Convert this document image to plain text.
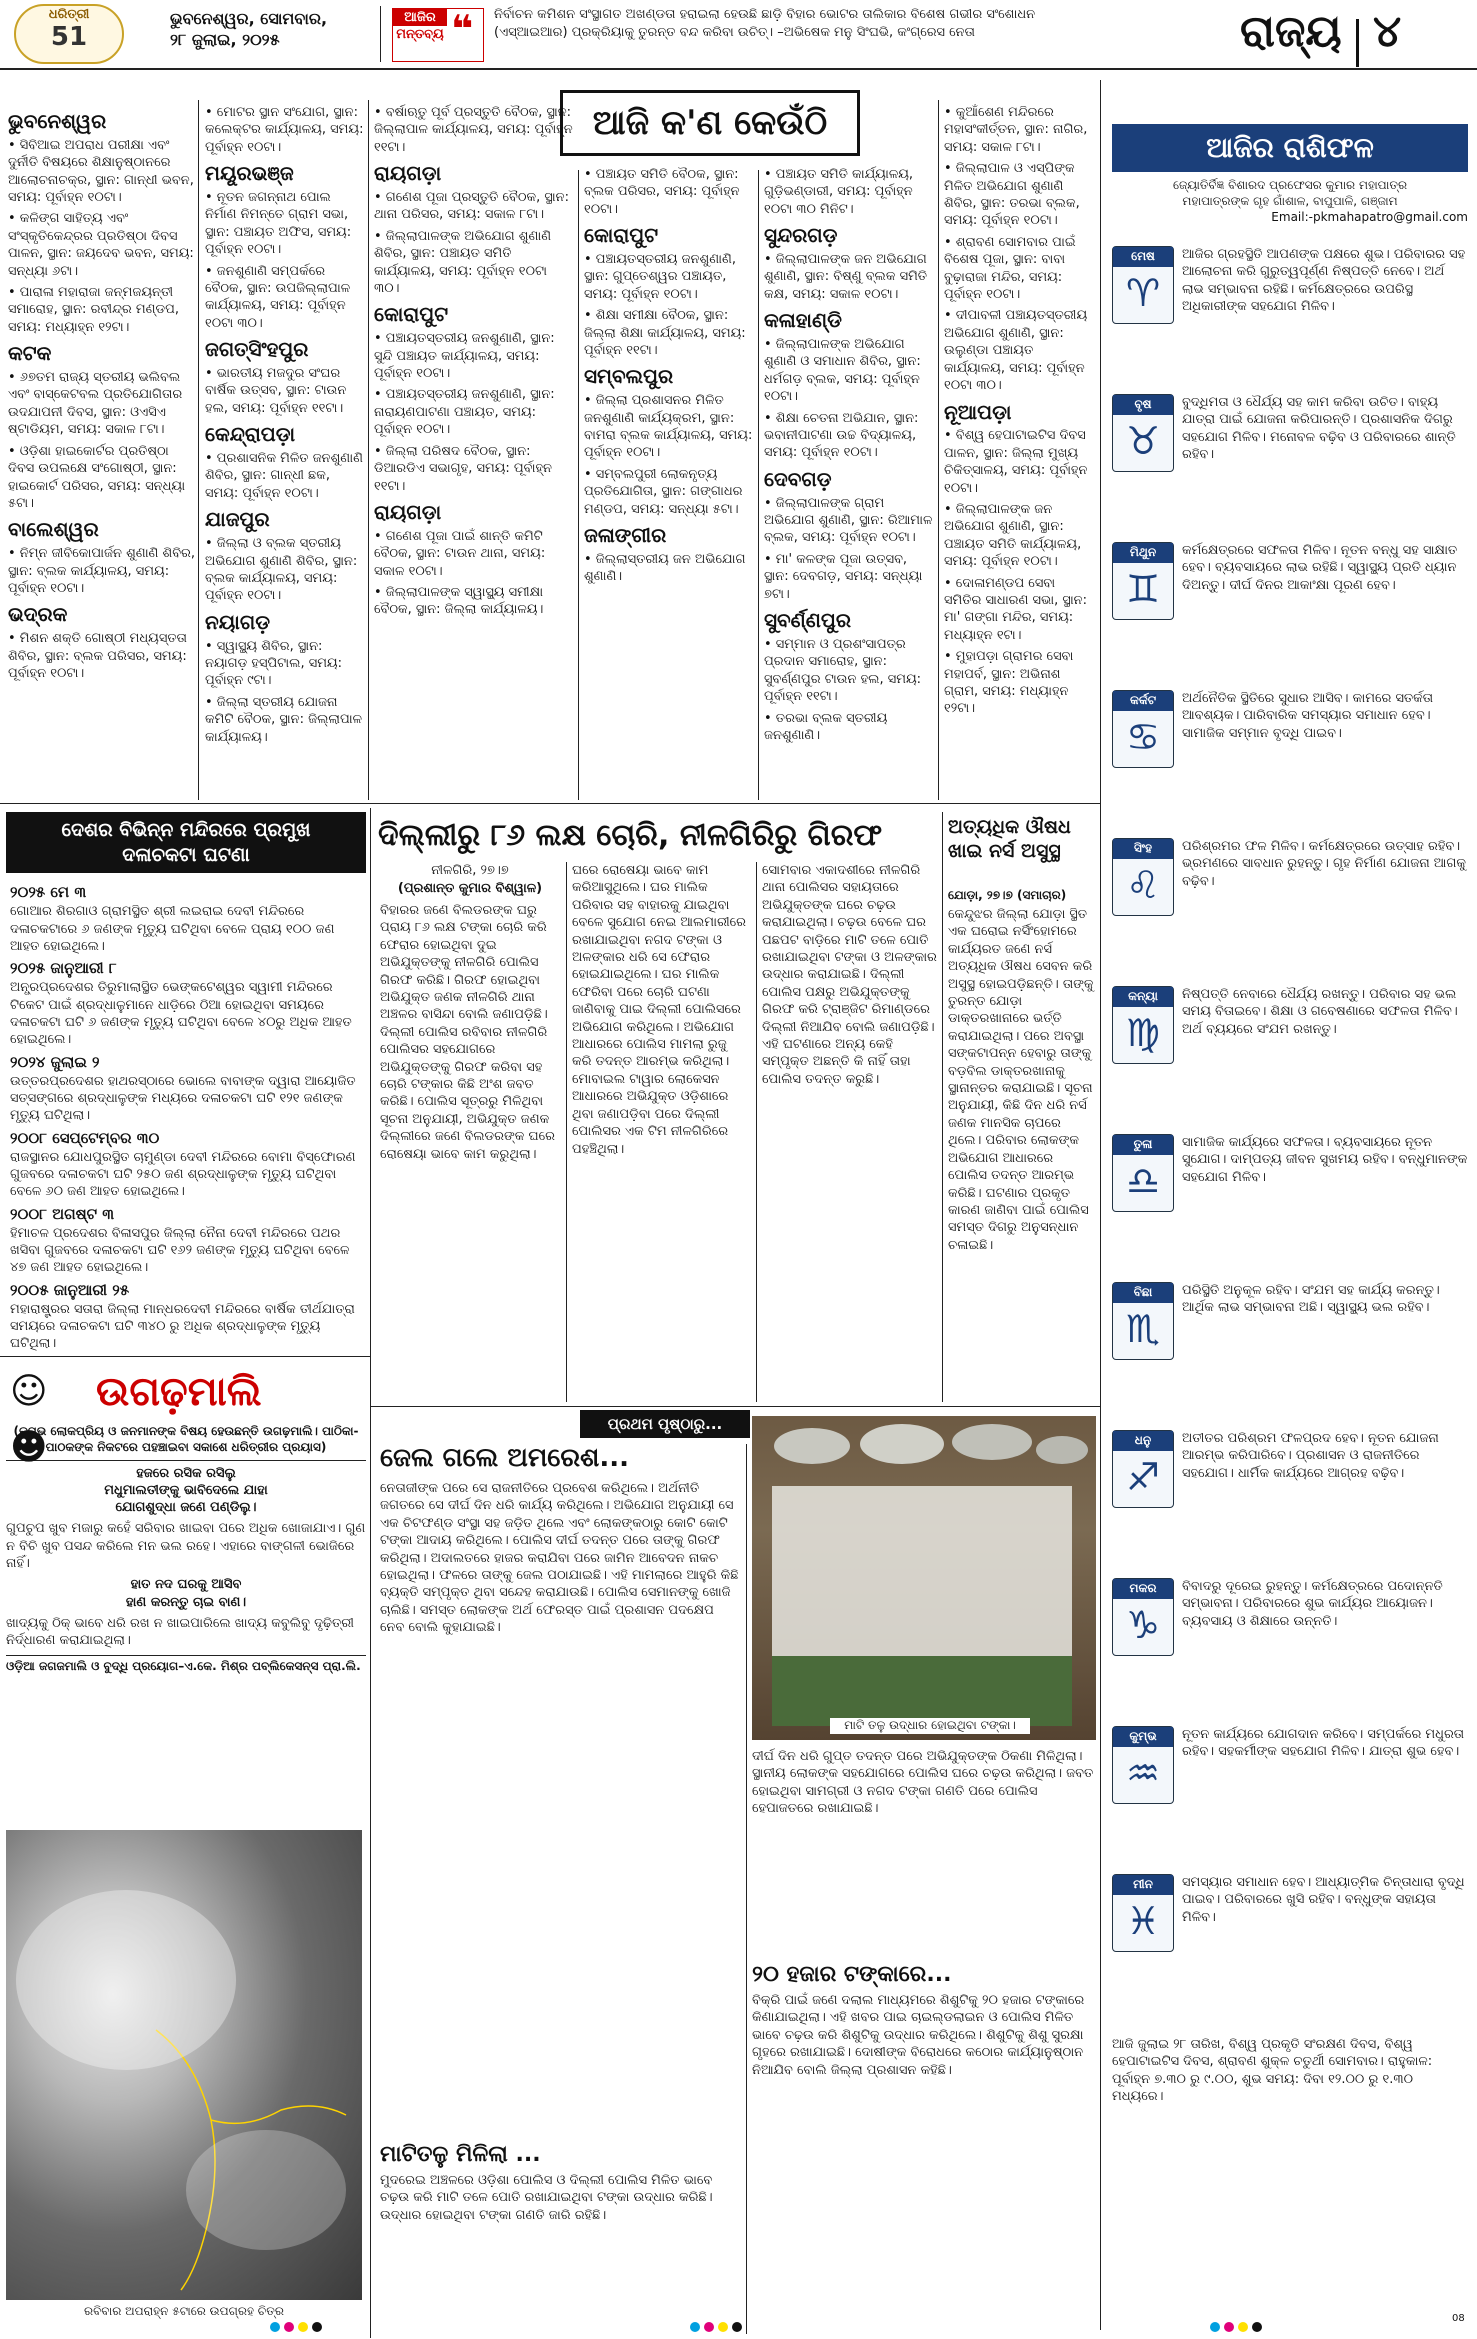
ଧରିତ୍ରୀ
51
ଭୁବନେଶ୍ୱର, ସୋମବାର,
୨୮ ଜୁଲାଇ, ୨୦୨୫
ଆଜିର
ମନ୍ତବ୍ୟ ❝ ନିର୍ବାଚନ କମିଶନ ସଂସ୍ଥାଗତ ଅଖଣ୍ଡତା ହରାଇଲା ହେଉଛି ଛାଡ଼ି ବିହାର ଭୋଟର ତାଲିକାର ବିଶେଷ ଗଭୀର ସଂଶୋଧନ (ଏସ୍‌ଆଇଆର) ପ୍ରକ୍ରିୟାକୁ ତୁରନ୍ତ ବନ୍ଦ କରିବା ଉଚିତ୍। –ଅଭିଷେକ ମନୁ ସିଂଘଭି, କଂଗ୍ରେସ ନେତା	ରାଜ୍ୟ ୪
ଆଜି କ'ଣ କେଉଁଠି
ଭୁବନେଶ୍ୱର
• ସିବିଆଇ ଅପରାଧ ପରୀକ୍ଷା ଏବଂ ଦୁର୍ନୀତି ବିଷୟରେ ଶିକ୍ଷାନୁଷ୍ଠାନରେ ଆଲୋଚନାଚକ୍ର, ସ୍ଥାନ: ଗାନ୍ଧୀ ଭବନ, ସମୟ: ପୂର୍ବାହ୍ନ ୧୦ଟା।
• କଳିଙ୍ଗ ସାହିତ୍ୟ ଏବଂ ସଂସ୍କୃତିକେନ୍ଦ୍ରର ପ୍ରତିଷ୍ଠା ଦିବସ ପାଳନ, ସ୍ଥାନ: ଜୟଦେବ ଭବନ, ସମୟ: ସନ୍ଧ୍ୟା ୬ଟା।
• ପାରାଳା ମହାରାଜା ଜନ୍ମଜୟନ୍ତୀ ସମାରୋହ, ସ୍ଥାନ: ରବୀନ୍ଦ୍ର ମଣ୍ଡପ, ସମୟ: ମଧ୍ୟାହ୍ନ ୧୨ଟା।
କଟକ
• ୬୭ତମ ରାଜ୍ୟ ସ୍ତରୀୟ ଭଲିବଲ ଏବଂ ବାସ୍କେଟବଲ ପ୍ରତିଯୋଗିତାର ଉଦଯାପନୀ ଦିବସ, ସ୍ଥାନ: ଓଏସିଏ ଷ୍ଟାଡିୟମ, ସମୟ: ସକାଳ ୮ଟା।
• ଓଡ଼ିଶା ହାଇକୋର୍ଟର ପ୍ରତିଷ୍ଠା ଦିବସ ଉପଲକ୍ଷେ ସଂଗୋଷ୍ଠୀ, ସ୍ଥାନ: ହାଇକୋର୍ଟ ପରିସର, ସମୟ: ସନ୍ଧ୍ୟା ୫ଟା।
ବାଲେଶ୍ୱର
• ନିମ୍ନ ଜୀବିକୋପାର୍ଜନ ଶୁଣାଣି ଶିବିର, ସ୍ଥାନ: ବ୍ଲକ କାର୍ଯ୍ୟାଳୟ, ସମୟ: ପୂର୍ବାହ୍ନ ୧୦ଟା।
ଭଦ୍ରକ
• ମିଶନ ଶକ୍ତି ଗୋଷ୍ଠୀ ମଧ୍ୟସ୍ତତା ଶିବିର, ସ୍ଥାନ: ବ୍ଲକ ପରିସର, ସମୟ: ପୂର୍ବାହ୍ନ ୧୦ଟା।
• ମୋଟର ସ୍ଥାନ ସଂଯୋଗ, ସ୍ଥାନ: କଲେକ୍ଟର କାର୍ଯ୍ୟାଳୟ, ସମୟ: ପୂର୍ବାହ୍ନ ୧୦ଟା।
ମୟୂରଭଞ୍ଜ
• ନୂତନ ଜଗନ୍ନାଥ ପୋଲ ନିର୍ମାଣ ନିମନ୍ତେ ଗ୍ରାମ ସଭା, ସ୍ଥାନ: ପଞ୍ଚାୟତ ଅଫିସ, ସମୟ: ପୂର୍ବାହ୍ନ ୧୦ଟା।
• ଜନଶୁଣାଣି ସମ୍ପର୍କରେ ବୈଠକ, ସ୍ଥାନ: ଉପଜିଲ୍ଲାପାଳ କାର୍ଯ୍ୟାଳୟ, ସମୟ: ପୂର୍ବାହ୍ନ ୧୦ଟା ୩୦।
ଜଗତ୍‌ସିଂହପୁର
• ଭାରତୀୟ ମଜଦୁର ସଂଘର ବାର୍ଷିକ ଉତ୍ସବ, ସ୍ଥାନ: ଟାଉନ ହଲ, ସମୟ: ପୂର୍ବାହ୍ନ ୧୧ଟା।
କେନ୍ଦ୍ରାପଡ଼ା
• ପ୍ରଶାସନିକ ମିଳିତ ଜନଶୁଣାଣି ଶିବିର, ସ୍ଥାନ: ଗାନ୍ଧୀ ଛକ, ସମୟ: ପୂର୍ବାହ୍ନ ୧୦ଟା।
ଯାଜପୁର
• ଜିଲ୍ଲା ଓ ବ୍ଲକ ସ୍ତରୀୟ ଅଭିଯୋଗ ଶୁଣାଣି ଶିବିର, ସ୍ଥାନ: ବ୍ଲକ କାର୍ଯ୍ୟାଳୟ, ସମୟ: ପୂର୍ବାହ୍ନ ୧୦ଟା।
ନୟାଗଡ଼
• ସ୍ୱାସ୍ଥ୍ୟ ଶିବିର, ସ୍ଥାନ: ନୟାଗଡ଼ ହସ୍ପିଟାଲ, ସମୟ: ପୂର୍ବାହ୍ନ ୯ଟା।
• ଜିଲ୍ଲା ସ୍ତରୀୟ ଯୋଜନା କମିଟି ବୈଠକ, ସ୍ଥାନ: ଜିଲ୍ଲାପାଳ କାର୍ଯ୍ୟାଳୟ।
• ବର୍ଷାଋତୁ ପୂର୍ବ ପ୍ରସ୍ତୁତି ବୈଠକ, ସ୍ଥାନ: ଜିଲ୍ଲାପାଳ କାର୍ଯ୍ୟାଳୟ, ସମୟ: ପୂର୍ବାହ୍ନ ୧୧ଟା।
ରାୟଗଡ଼ା
• ଗଣେଶ ପୂଜା ପ୍ରସ୍ତୁତି ବୈଠକ, ସ୍ଥାନ: ଥାନା ପରିସର, ସମୟ: ସକାଳ ୮ଟା।
• ଜିଲ୍ଲାପାଳଙ୍କ ଅଭିଯୋଗ ଶୁଣାଣି ଶିବିର, ସ୍ଥାନ: ପଞ୍ଚାୟତ ସମିତି କାର୍ଯ୍ୟାଳୟ, ସମୟ: ପୂର୍ବାହ୍ନ ୧୦ଟା ୩୦।
କୋରାପୁଟ
• ପଞ୍ଚାୟତସ୍ତରୀୟ ଜନଶୁଣାଣି, ସ୍ଥାନ: ସୁନ୍ଦି ପଞ୍ଚାୟତ କାର୍ଯ୍ୟାଳୟ, ସମୟ: ପୂର୍ବାହ୍ନ ୧୦ଟା।
• ପଞ୍ଚାୟତସ୍ତରୀୟ ଜନଶୁଣାଣି, ସ୍ଥାନ: ନାରାୟଣପାଟଣା ପଞ୍ଚାୟତ, ସମୟ: ପୂର୍ବାହ୍ନ ୧୦ଟା।
• ଜିଲ୍ଲା ପରିଷଦ ବୈଠକ, ସ୍ଥାନ: ଡିଆରଡିଏ ସଭାଗୃହ, ସମୟ: ପୂର୍ବାହ୍ନ ୧୧ଟା।
ରାୟଗଡ଼ା
• ଗଣେଶ ପୂଜା ପାଇଁ ଶାନ୍ତି କମିଟି ବୈଠକ, ସ୍ଥାନ: ଟାଉନ ଥାନା, ସମୟ: ସକାଳ ୧୦ଟା।
• ଜିଲ୍ଲାପାଳଙ୍କ ସ୍ୱାସ୍ଥ୍ୟ ସମୀକ୍ଷା ବୈଠକ, ସ୍ଥାନ: ଜିଲ୍ଲା କାର୍ଯ୍ୟାଳୟ।
• ପଞ୍ଚାୟତ ସମିତି ବୈଠକ, ସ୍ଥାନ: ବ୍ଲକ ପରିସର, ସମୟ: ପୂର୍ବାହ୍ନ ୧୦ଟା।
କୋରାପୁଟ
• ପଞ୍ଚାୟତସ୍ତରୀୟ ଜନଶୁଣାଣି, ସ୍ଥାନ: ଗୁପ୍ତେଶ୍ୱର ପଞ୍ଚାୟତ, ସମୟ: ପୂର୍ବାହ୍ନ ୧୦ଟା।
• ଶିକ୍ଷା ସମୀକ୍ଷା ବୈଠକ, ସ୍ଥାନ: ଜିଲ୍ଲା ଶିକ୍ଷା କାର୍ଯ୍ୟାଳୟ, ସମୟ: ପୂର୍ବାହ୍ନ ୧୧ଟା।
ସମ୍ବଲପୁର
• ଜିଲ୍ଲା ପ୍ରଶାସନର ମିଳିତ ଜନଶୁଣାଣି କାର୍ଯ୍ୟକ୍ରମ, ସ୍ଥାନ: ବାମରା ବ୍ଲକ କାର୍ଯ୍ୟାଳୟ, ସମୟ: ପୂର୍ବାହ୍ନ ୧୦ଟା।
• ସମ୍ବଲପୁରୀ ଲୋକନୃତ୍ୟ ପ୍ରତିଯୋଗିତା, ସ୍ଥାନ: ଗଙ୍ଗାଧର ମଣ୍ଡପ, ସମୟ: ସନ୍ଧ୍ୟା ୫ଟା।
ଜଳାଙ୍ଗୀର
• ଜିଲ୍ଲାସ୍ତରୀୟ ଜନ ଅଭିଯୋଗ ଶୁଣାଣି।
• ପଞ୍ଚାୟତ ସମିତି କାର୍ଯ୍ୟାଳୟ, ଗୁଡ଼ିଭଣ୍ଡାରୀ, ସମୟ: ପୂର୍ବାହ୍ନ ୧୦ଟା ୩୦ ମିନିଟ।
ସୁନ୍ଦରଗଡ଼
• ଜିଲ୍ଲାପାଳଙ୍କ ଜନ ଅଭିଯୋଗ ଶୁଣାଣି, ସ୍ଥାନ: ବିଷ୍ଣୁ ବ୍ଲକ ସମିତି କକ୍ଷ, ସମୟ: ସକାଳ ୧୦ଟା।
କଳାହାଣ୍ଡି
• ଜିଲ୍ଲାପାଳଙ୍କ ଅଭିଯୋଗ ଶୁଣାଣି ଓ ସମାଧାନ ଶିବିର, ସ୍ଥାନ: ଧର୍ମଗଡ଼ ବ୍ଲକ, ସମୟ: ପୂର୍ବାହ୍ନ ୧୦ଟା।
• ଶିକ୍ଷା ଚେତନା ଅଭିଯାନ, ସ୍ଥାନ: ଭବାନୀପାଟଣା ଉଚ୍ଚ ବିଦ୍ୟାଳୟ, ସମୟ: ପୂର୍ବାହ୍ନ ୧୦ଟା।
ଦେବଗଡ଼
• ଜିଲ୍ଲାପାଳଙ୍କ ଗ୍ରାମ ଅଭିଯୋଗ ଶୁଣାଣି, ସ୍ଥାନ: ରିଆମାଳ ବ୍ଲକ, ସମୟ: ପୂର୍ବାହ୍ନ ୧୦ଟା।
• ମା' କଳଙ୍କ ପୂଜା ଉତ୍ସବ, ସ୍ଥାନ: ଦେବଗଡ଼, ସମୟ: ସନ୍ଧ୍ୟା ୭ଟା।
ସୁବର୍ଣ୍ଣପୁର
• ସମ୍ମାନ ଓ ପ୍ରଶଂସାପତ୍ର ପ୍ରଦାନ ସମାରୋହ, ସ୍ଥାନ: ସୁବର୍ଣ୍ଣପୁର ଟାଉନ ହଲ, ସମୟ: ପୂର୍ବାହ୍ନ ୧୧ଟା।
• ତରଭା ବ୍ଲକ ସ୍ତରୀୟ ଜନଶୁଣାଣି।
• କୁଆଁଶେଣ ମନ୍ଦିରରେ ମହାସଂକୀର୍ତ୍ତନ, ସ୍ଥାନ: ନାଗିର, ସମୟ: ସକାଳ ୮ଟା।
• ଜିଲ୍ଲାପାଳ ଓ ଏସ୍‌ପିଙ୍କ ମିଳିତ ଅଭିଯୋଗ ଶୁଣାଣି ଶିବିର, ସ୍ଥାନ: ତରଭା ବ୍ଲକ, ସମୟ: ପୂର୍ବାହ୍ନ ୧୦ଟା।
• ଶ୍ରାବଣ ସୋମବାର ପାଇଁ ବିଶେଷ ପୂଜା, ସ୍ଥାନ: ବାବା ବୁଢ଼ାରାଜା ମନ୍ଦିର, ସମୟ: ପୂର୍ବାହ୍ନ ୧୦ଟା।
• ଦୀପାବଳୀ ପଞ୍ଚାୟତସ୍ତରୀୟ ଅଭିଯୋଗ ଶୁଣାଣି, ସ୍ଥାନ: ଉଲୁଣ୍ଡା ପଞ୍ଚାୟତ କାର୍ଯ୍ୟାଳୟ, ସମୟ: ପୂର୍ବାହ୍ନ ୧୦ଟା ୩୦।
ନୂଆପଡ଼ା
• ବିଶ୍ୱ ହେପାଟାଇଟିସ ଦିବସ ପାଳନ, ସ୍ଥାନ: ଜିଲ୍ଲା ମୁଖ୍ୟ ଚିକିତ୍ସାଳୟ, ସମୟ: ପୂର୍ବାହ୍ନ ୧୦ଟା।
• ଜିଲ୍ଲାପାଳଙ୍କ ଜନ ଅଭିଯୋଗ ଶୁଣାଣି, ସ୍ଥାନ: ପଞ୍ଚାୟତ ସମିତି କାର୍ଯ୍ୟାଳୟ, ସମୟ: ପୂର୍ବାହ୍ନ ୧୦ଟା।
• ଦୋଳାମଣ୍ଡପ ସେବା ସମିତିର ସାଧାରଣ ସଭା, ସ୍ଥାନ: ମା' ଗଙ୍ଗା ମନ୍ଦିର, ସମୟ: ମଧ୍ୟାହ୍ନ ୧ଟା।
• ମୁହାପଡ଼ା ଗ୍ରାମର ସେବା ମହାପର୍ବ, ସ୍ଥାନ: ଅଭିନାଶ ଗ୍ରାମ, ସମୟ: ମଧ୍ୟାହ୍ନ ୧୨ଟା।
ଆଜିର ରାଶିଫଳ
ଜ୍ୟୋତିର୍ବିଜ୍ଞ ବିଶାରଦ ପ୍ରଫେସର କୁମାର ମହାପାତ୍ର
ମହାପାତ୍ରଙ୍କ ଗୃହ ଗାଁଶାଳ, ବାପୁପାଳି, ଗଞ୍ଜାମ
Email:-pkmahapatro@gmail.com
ମେଷ
♈
ଆଜିର ଗ୍ରହସ୍ଥିତି ଆପଣଙ୍କ ପକ୍ଷରେ ଶୁଭ। ପରିବାରର ସହ ଆଲୋଚନା କରି ଗୁରୁତ୍ୱପୂର୍ଣ୍ଣ ନିଷ୍ପତ୍ତି ନେବେ। ଅର୍ଥ ଲାଭ ସମ୍ଭାବନା ରହିଛି। କର୍ମକ୍ଷେତ୍ରରେ ଉପରିସ୍ଥ ଅଧିକାରୀଙ୍କ ସହଯୋଗ ମିଳିବ।
ବୃଷ
♉
ବୁଦ୍ଧିମତା ଓ ଧୈର୍ଯ୍ୟ ସହ କାମ କରିବା ଉଚିତ। ବାହ୍ୟ ଯାତ୍ରା ପାଇଁ ଯୋଜନା କରିପାରନ୍ତି। ପ୍ରଶାସନିକ ଦିଗରୁ ସହଯୋଗ ମିଳିବ। ମନୋବଳ ବଢ଼ିବ ଓ ପରିବାରରେ ଶାନ୍ତି ରହିବ।
ମିଥୁନ
♊
କର୍ମକ୍ଷେତ୍ରରେ ସଫଳତା ମିଳିବ। ନୂତନ ବନ୍ଧୁ ସହ ସାକ୍ଷାତ ହେବ। ବ୍ୟବସାୟରେ ଲାଭ ରହିଛି। ସ୍ୱାସ୍ଥ୍ୟ ପ୍ରତି ଧ୍ୟାନ ଦିଅନ୍ତୁ। ଦୀର୍ଘ ଦିନର ଆକାଂକ୍ଷା ପୂରଣ ହେବ।
କର୍କଟ
♋
ଅର୍ଥନୈତିକ ସ୍ଥିତିରେ ସୁଧାର ଆସିବ। କାମରେ ସତର୍କତା ଆବଶ୍ୟକ। ପାରିବାରିକ ସମସ୍ୟାର ସମାଧାନ ହେବ। ସାମାଜିକ ସମ୍ମାନ ବୃଦ୍ଧି ପାଇବ।
ସିଂହ
♌
ପରିଶ୍ରମର ଫଳ ମିଳିବ। କର୍ମକ୍ଷେତ୍ରରେ ଉତ୍ସାହ ରହିବ। ଭ୍ରମଣରେ ସାବଧାନ ରୁହନ୍ତୁ। ଗୃହ ନିର୍ମାଣ ଯୋଜନା ଆଗକୁ ବଢ଼ିବ।
କନ୍ୟା
♍
ନିଷ୍ପତ୍ତି ନେବାରେ ଧୈର୍ଯ୍ୟ ରଖନ୍ତୁ। ପରିବାର ସହ ଭଲ ସମୟ ବିତାଇବେ। ଶିକ୍ଷା ଓ ଗବେଷଣାରେ ସଫଳତା ମିଳିବ। ଅର୍ଥ ବ୍ୟୟରେ ସଂଯମ ରଖନ୍ତୁ।
ତୁଳା
♎
ସାମାଜିକ କାର୍ଯ୍ୟରେ ସଫଳତା। ବ୍ୟବସାୟରେ ନୂତନ ସୁଯୋଗ। ଦାମ୍ପତ୍ୟ ଜୀବନ ସୁଖମୟ ରହିବ। ବନ୍ଧୁମାନଙ୍କ ସହଯୋଗ ମିଳିବ।
ବିଛା
♏
ପରିସ୍ଥିତି ଅନୁକୂଳ ରହିବ। ସଂଯମ ସହ କାର୍ଯ୍ୟ କରନ୍ତୁ। ଆର୍ଥିକ ଲାଭ ସମ୍ଭାବନା ଅଛି। ସ୍ୱାସ୍ଥ୍ୟ ଭଲ ରହିବ।
ଧନୁ
♐
ଅତୀତର ପରିଶ୍ରମ ଫଳପ୍ରଦ ହେବ। ନୂତନ ଯୋଜନା ଆରମ୍ଭ କରିପାରିବେ। ପ୍ରଶାସନ ଓ ରାଜନୀତିରେ ସହଯୋଗ। ଧାର୍ମିକ କାର୍ଯ୍ୟରେ ଆଗ୍ରହ ବଢ଼ିବ।
ମକର
♑
ବିବାଦରୁ ଦୂରେଇ ରୁହନ୍ତୁ। କର୍ମକ୍ଷେତ୍ରରେ ପଦୋନ୍ନତି ସମ୍ଭାବନା। ପରିବାରରେ ଶୁଭ କାର୍ଯ୍ୟର ଆୟୋଜନ। ବ୍ୟବସାୟ ଓ ଶିକ୍ଷାରେ ଉନ୍ନତି।
କୁମ୍ଭ
♒
ନୂତନ କାର୍ଯ୍ୟରେ ଯୋଗଦାନ କରିବେ। ସମ୍ପର୍କରେ ମଧୁରତା ରହିବ। ସହକର୍ମୀଙ୍କ ସହଯୋଗ ମିଳିବ। ଯାତ୍ରା ଶୁଭ ହେବ।
ମୀନ
♓
ସମସ୍ୟାର ସମାଧାନ ହେବ। ଆଧ୍ୟାତ୍ମିକ ଚିନ୍ତାଧାରା ବୃଦ୍ଧି ପାଇବ। ପରିବାରରେ ଖୁସି ରହିବ। ବନ୍ଧୁଙ୍କ ସହାୟତା ମିଳିବ।
ଆଜି ଜୁଲାଇ ୨୮ ତାରିଖ, ବିଶ୍ୱ ପ୍ରକୃତି ସଂରକ୍ଷଣ ଦିବସ, ବିଶ୍ୱ ହେପାଟାଇଟିସ ଦିବସ, ଶ୍ରାବଣ ଶୁକ୍ଳ ଚତୁର୍ଥୀ ସୋମବାର। ରାହୁକାଳ: ପୂର୍ବାହ୍ନ ୭.୩୦ ରୁ ୯.୦୦, ଶୁଭ ସମୟ: ଦିବା ୧୨.୦୦ ରୁ ୧.୩୦ ମଧ୍ୟରେ।
08
ଦେଶର ବିଭିନ୍ନ ମନ୍ଦିରରେ ପ୍ରମୁଖ
ଦଳାଚକଟା ଘଟଣା
୨୦୨୫ ମେ ୩
ଗୋଆର ଶିରଗାଓ ଗ୍ରାମସ୍ଥିତ ଶ୍ରୀ ଲଇରାଇ ଦେବୀ ମନ୍ଦିରରେ ଦଳାଚକଟାରେ ୬ ଜଣଙ୍କ ମୃତ୍ୟୁ ଘଟିଥିବା ବେଳେ ପ୍ରାୟ ୧୦୦ ଜଣ ଆହତ ହୋଇଥିଲେ।
୨୦୨୫ ଜାନୁଆରୀ ୮
ଅନ୍ଧ୍ରପ୍ରଦେଶର ତିରୁମାଲାସ୍ଥିତ ଭେଙ୍କଟେଶ୍ୱର ସ୍ୱାମୀ ମନ୍ଦିରରେ ଟିକେଟ ପାଇଁ ଶ୍ରଦ୍ଧାଳୁମାନେ ଧାଡ଼ିରେ ଠିଆ ହୋଇଥିବା ସମୟରେ ଦଳାଚକଟା ଘଟି ୬ ଜଣଙ୍କ ମୃତ୍ୟୁ ଘଟିଥିବା ବେଳେ ୪୦ରୁ ଅଧିକ ଆହତ ହୋଇଥିଲେ।
୨୦୨୪ ଜୁଲାଇ ୨
ଉତ୍ତରପ୍ରଦେଶର ହାଥରସ୍‌ଠାରେ ଭୋଲେ ବାବାଙ୍କ ଦ୍ୱାରା ଆୟୋଜିତ ସତ୍ସଙ୍ଗରେ ଶ୍ରଦ୍ଧାଳୁଙ୍କ ମଧ୍ୟରେ ଦଳାଚକଟା ଘଟି ୧୨୧ ଜଣଙ୍କ ମୃତ୍ୟୁ ଘଟିଥିଲା।
୨୦୦୮ ସେପ୍ଟେମ୍ବର ୩୦
ରାଜସ୍ଥାନର ଯୋଧପୁରସ୍ଥିତ ଚାମୁଣ୍ଡା ଦେବୀ ମନ୍ଦିରରେ ବୋମା ବିସ୍ଫୋରଣ ଗୁଜବରେ ଦଳାଚକଟା ଘଟି ୨୫୦ ଜଣ ଶ୍ରଦ୍ଧାଳୁଙ୍କ ମୃତ୍ୟୁ ଘଟିଥିବା ବେଳେ ୬୦ ଜଣ ଆହତ ହୋଇଥିଲେ।
୨୦୦୮ ଅଗଷ୍ଟ ୩
ହିମାଚଳ ପ୍ରଦେଶର ବିଳାସପୁର ଜିଲ୍ଲା ନୈନା ଦେବୀ ମନ୍ଦିରରେ ପଥର ଖସିବା ଗୁଜବରେ ଦଳାଚକଟା ଘଟି ୧୬୨ ଜଣଙ୍କ ମୃତ୍ୟୁ ଘଟିଥିବା ବେଳେ ୪୭ ଜଣ ଆହତ ହୋଇଥିଲେ।
୨୦୦୫ ଜାନୁଆରୀ ୨୫
ମହାରାଷ୍ଟ୍ରର ସତାରା ଜିଲ୍ଲା ମାନ୍ଧରଦେବୀ ମନ୍ଦିରରେ ବାର୍ଷିକ ତୀର୍ଥଯାତ୍ରା ସମୟରେ ଦଳାଚକଟା ଘଟି ୩୪୦ ରୁ ଅଧିକ ଶ୍ରଦ୍ଧାଳୁଙ୍କ ମୃତ୍ୟୁ ଘଟିଥିଲା।
ଦିଲ୍ଲୀରୁ ୮୬ ଲକ୍ଷ ଚୋରି, ନୀଳଗିରିରୁ ଗିରଫ
ନୀଳଗିରି, ୨୭।୭
(ପ୍ରଶାନ୍ତ କୁମାର ବିଶ୍ୱାଳ)
ବିହାରର ଜଣେ ବିଲଡରଙ୍କ ଘରୁ ପ୍ରାୟ ୮୬ ଲକ୍ଷ ଟଙ୍କା ଚୋରି କରି ଫେରାର ହୋଇଥିବା ଦୁଇ ଅଭିଯୁକ୍ତଙ୍କୁ ନୀଳଗିରି ପୋଲିସ ଗିରଫ କରିଛି। ଗିରଫ ହୋଇଥିବା ଅଭିଯୁକ୍ତ ଜଣକ ନୀଳଗିରି ଥାନା ଅଞ୍ଚଳର ବାସିନ୍ଦା ବୋଲି ଜଣାପଡ଼ିଛି। ଦିଲ୍ଲୀ ପୋଲିସ ରବିବାର ନୀଳଗିରି ପୋଲିସର ସହଯୋଗରେ ଅଭିଯୁକ୍ତଙ୍କୁ ଗିରଫ କରିବା ସହ ଚୋରି ଟଙ୍କାର କିଛି ଅଂଶ ଜବତ କରିଛି। ପୋଲିସ ସୂତ୍ରରୁ ମିଳିଥିବା ସୂଚନା ଅନୁଯାୟୀ, ଅଭିଯୁକ୍ତ ଜଣକ ଦିଲ୍ଲୀରେ ଜଣେ ବିଲଡରଙ୍କ ଘରେ ରୋଷେୟା ଭାବେ କାମ କରୁଥିଲା।
ଘରେ ରୋଷେୟା ଭାବେ କାମ କରିଆସୁଥିଲେ। ଘର ମାଲିକ ପରିବାର ସହ ବାହାରକୁ ଯାଇଥିବା ବେଳେ ସୁଯୋଗ ନେଇ ଆଲମାରୀରେ ରଖାଯାଇଥିବା ନଗଦ ଟଙ୍କା ଓ ଅଳଙ୍କାର ଧରି ସେ ଫେରାର ହୋଇଯାଇଥିଲେ। ଘର ମାଲିକ ଫେରିବା ପରେ ଚୋରି ଘଟଣା ଜାଣିବାକୁ ପାଇ ଦିଲ୍ଲୀ ପୋଲିସରେ ଅଭିଯୋଗ କରିଥିଲେ। ଅଭିଯୋଗ ଆଧାରରେ ପୋଲିସ ମାମଲା ରୁଜୁ କରି ତଦନ୍ତ ଆରମ୍ଭ କରିଥିଲା। ମୋବାଇଲ ଟାୱାର ଲୋକେସନ ଆଧାରରେ ଅଭିଯୁକ୍ତ ଓଡ଼ିଶାରେ ଥିବା ଜଣାପଡ଼ିବା ପରେ ଦିଲ୍ଲୀ ପୋଲିସର ଏକ ଟିମ ନୀଳଗିରିରେ ପହଞ୍ଚିଥିଲା।
ସୋମବାର ଏକାଦଶୀରେ ନୀଳଗିରି ଥାନା ପୋଲିସର ସହାୟତାରେ ଅଭିଯୁକ୍ତଙ୍କ ଘରେ ଚଢ଼ଉ କରାଯାଇଥିଲା। ଚଢ଼ଉ ବେଳେ ଘର ପଛପଟ ବାଡ଼ିରେ ମାଟି ତଳେ ପୋତି ରଖାଯାଇଥିବା ଟଙ୍କା ଓ ଅଳଙ୍କାର ଉଦ୍ଧାର କରାଯାଇଛି। ଦିଲ୍ଲୀ ପୋଲିସ ପକ୍ଷରୁ ଅଭିଯୁକ୍ତଙ୍କୁ ଗିରଫ କରି ଟ୍ରାଞ୍ଜିଟ ରିମାଣ୍ଡରେ ଦିଲ୍ଲୀ ନିଆଯିବ ବୋଲି ଜଣାପଡ଼ିଛି। ଏହି ଘଟଣାରେ ଅନ୍ୟ କେହି ସମ୍ପୃକ୍ତ ଅଛନ୍ତି କି ନାହିଁ ତାହା ପୋଲିସ ତଦନ୍ତ କରୁଛି।
ଅତ୍ୟଧିକ ଔଷଧ ଖାଇ ନର୍ସ ଅସୁସ୍ଥ
ଯୋଡ଼ା, ୨୭।୭ (ସମାଚାର)
କେନ୍ଦୁଝର ଜିଲ୍ଲା ଯୋଡ଼ା ସ୍ଥିତ ଏକ ଘରୋଇ ନର୍ସିଂହୋମରେ କାର୍ଯ୍ୟରତ ଜଣେ ନର୍ସ ଅତ୍ୟଧିକ ଔଷଧ ସେବନ କରି ଅସୁସ୍ଥ ହୋଇପଡ଼ିଛନ୍ତି। ତାଙ୍କୁ ତୁରନ୍ତ ଯୋଡ଼ା ଡାକ୍ତରଖାନାରେ ଭର୍ତ୍ତି କରାଯାଇଥିଲା। ପରେ ଅବସ୍ଥା ସଙ୍କଟାପନ୍ନ ହେବାରୁ ତାଙ୍କୁ ବଡ଼ବିଲ ଡାକ୍ତରଖାନାକୁ ସ୍ଥାନାନ୍ତର କରାଯାଇଛି। ସୂଚନା ଅନୁଯାୟୀ, କିଛି ଦିନ ଧରି ନର୍ସ ଜଣକ ମାନସିକ ଚାପରେ ଥିଲେ। ପରିବାର ଲୋକଙ୍କ ଅଭିଯୋଗ ଆଧାରରେ ପୋଲିସ ତଦନ୍ତ ଆରମ୍ଭ କରିଛି। ଘଟଣାର ପ୍ରକୃତ କାରଣ ଜାଣିବା ପାଇଁ ପୋଲିସ ସମସ୍ତ ଦିଗରୁ ଅନୁସନ୍ଧାନ ଚଳାଇଛି।
☺☻
ଉଗଢ଼ମାଲି
(କୁମ୍ଭ ଲୋକପ୍ରିୟ ଓ ଜନମାନଙ୍କ ବିଷୟ ହେଉଛନ୍ତି ଉଗଢ଼ମାଲି। ପାଠିକା-ପାଠକଙ୍କ ନିକଟରେ ପହଞ୍ଚାଇବା ସକାଶେ ଧରିତ୍ରୀର ପ୍ରୟାସ)
ହଜରେ ରସିକ ରସିଲୁ
ମଧୁମାଲତୀଙ୍କୁ ଭାବିଦେଲେ ଯାହା
ଯୋଗଶୁଦ୍ଧା ଜଣେ ପଣ୍ଡିଲୁ।
ଗୁପଚୁପ ଖୁବ ମଜାରୁ କହେଁ ସରିବାର ଖାଇବା ପରେ ଅଧିକ ଖୋଜାଯାଏ। ଗୁଣ ନ ବିଚି ଖୁବ ପସନ୍ଦ କରିଲେ ମନ ଭଲ ରହେ। ଏହାରେ ବାଙ୍ଗଳୀ ଭୋଜିରେ ନାହିଁ।
ହାତ ନଦ ଘରକୁ ଆସିବ
ହାଣ କରନ୍ତୁ ଚାଇ ବାଣ।
ଖାଦ୍ୟକୁ ଠିକ୍ ଭାବେ ଧରି ରଖ ନ ଖାଇପାରିଲେ ଖାଦ୍ୟ କବୁଲିବୁ ଦୃଢ଼ିତ୍ରୀ ନିର୍ଦ୍ଧାରଣ କରାଯାଇଥିଲା।
ଓଡ଼ିଆ ଜଗଜମାଲି ଓ ବୁଦ୍ଧି ପ୍ରୟୋଗ–ଏ.କେ. ମିଶ୍ର ପବ୍ଲିକେସନ୍ସ ପ୍ରା.ଲି.
ରବିବାର ଅପରାହ୍ନ ୫ଟାରେ ଉପଗ୍ରହ ଚିତ୍ର
ପ୍ରଥମ ପୃଷ୍ଠାରୁ...
ଜେଲ ଗଲେ ଅମରେଶ...
ନେତାଜୀଙ୍କ ପରେ ସେ ରାଜନୀତିରେ ପ୍ରବେଶ କରିଥିଲେ। ଅର୍ଥନୀତି ଜଗତରେ ସେ ଦୀର୍ଘ ଦିନ ଧରି କାର୍ଯ୍ୟ କରିଥିଲେ। ଅଭିଯୋଗ ଅନୁଯାୟୀ ସେ ଏକ ଚିଟଫଣ୍ଡ ସଂସ୍ଥା ସହ ଜଡ଼ିତ ଥିଲେ ଏବଂ ଲୋକଙ୍କଠାରୁ କୋଟି କୋଟି ଟଙ୍କା ଆଦାୟ କରିଥିଲେ। ପୋଲିସ ଦୀର୍ଘ ତଦନ୍ତ ପରେ ତାଙ୍କୁ ଗିରଫ କରିଥିଲା। ଅଦାଲତରେ ହାଜର କରାଯିବା ପରେ ଜାମିନ ଆବେଦନ ନାକଚ ହୋଇଥିଲା। ଫଳରେ ତାଙ୍କୁ ଜେଲ ପଠାଯାଇଛି। ଏହି ମାମଲାରେ ଆହୁରି କିଛି ବ୍ୟକ୍ତି ସମ୍ପୃକ୍ତ ଥିବା ସନ୍ଦେହ କରାଯାଉଛି। ପୋଲିସ ସେମାନଙ୍କୁ ଖୋଜି ଚାଲିଛି। ସମସ୍ତ ଲୋକଙ୍କ ଅର୍ଥ ଫେରସ୍ତ ପାଇଁ ପ୍ରଶାସନ ପଦକ୍ଷେପ ନେବ ବୋଲି କୁହାଯାଇଛି।
ମାଟି ତଳୁ ଉଦ୍ଧାର ହୋଇଥିବା ଟଙ୍କା।
ଦୀର୍ଘ ଦିନ ଧରି ଗୁପ୍ତ ତଦନ୍ତ ପରେ ଅଭିଯୁକ୍ତଙ୍କ ଠିକଣା ମିଳିଥିଲା। ସ୍ଥାନୀୟ ଲୋକଙ୍କ ସହଯୋଗରେ ପୋଲିସ ଘରେ ଚଢ଼ଉ କରିଥିଲା। ଜବତ ହୋଇଥିବା ସାମଗ୍ରୀ ଓ ନଗଦ ଟଙ୍କା ଗଣତି ପରେ ପୋଲିସ ହେପାଜତରେ ରଖାଯାଇଛି।
୨୦ ହଜାର ଟଙ୍କାରେ...
ବିକ୍ରି ପାଇଁ ଜଣେ ଦଲାଲ ମାଧ୍ୟମରେ ଶିଶୁଟିକୁ ୨୦ ହଜାର ଟଙ୍କାରେ କିଣାଯାଇଥିଲା। ଏହି ଖବର ପାଇ ଚାଇଲ୍ଡଲାଇନ ଓ ପୋଲିସ ମିଳିତ ଭାବେ ଚଢ଼ଉ କରି ଶିଶୁଟିକୁ ଉଦ୍ଧାର କରିଥିଲେ। ଶିଶୁଟିକୁ ଶିଶୁ ସୁରକ୍ଷା ଗୃହରେ ରଖାଯାଇଛି। ଦୋଷୀଙ୍କ ବିରୋଧରେ କଠୋର କାର୍ଯ୍ୟାନୁଷ୍ଠାନ ନିଆଯିବ ବୋଲି ଜିଲ୍ଲା ପ୍ରଶାସନ କହିଛି।
ମାଟିତଳୁ ମିଳିଲା ...
ମୁଦରେଇ ଅଞ୍ଚଳରେ ଓଡ଼ିଶା ପୋଲିସ ଓ ଦିଲ୍ଲୀ ପୋଲିସ ମିଳିତ ଭାବେ ଚଢ଼ଉ କରି ମାଟି ତଳେ ପୋତି ରଖାଯାଇଥିବା ଟଙ୍କା ଉଦ୍ଧାର କରିଛି। ଉଦ୍ଧାର ହୋଇଥିବା ଟଙ୍କା ଗଣତି ଜାରି ରହିଛି।
